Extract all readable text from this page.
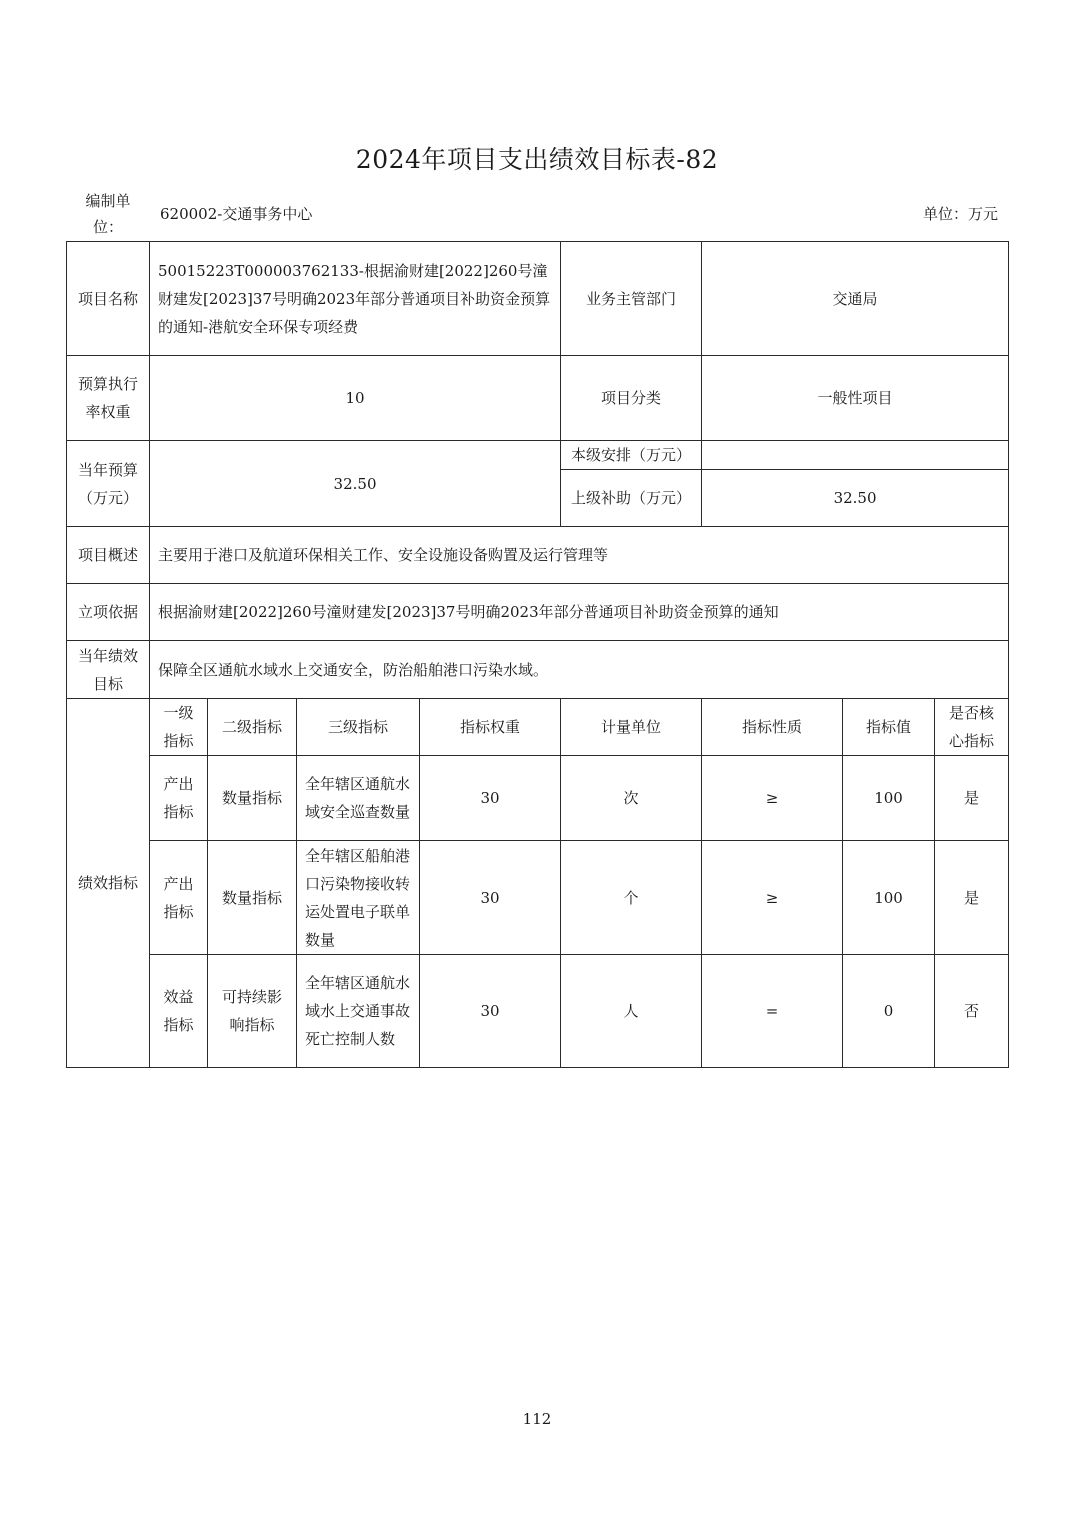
2024年项目支出绩效目标表-82
编制单位：
620002-交通事务中心	单位：万元
项目名称	50015223T000003762133-根据渝财建[2022]260号潼财建发[2023]37号明确2023年部分普通项目补助资金预算的通知-港航安全环保专项经费				业务主管部门	交通局		
预算执行率权重	10				项目分类	一般性项目		
当年预算（万元）	32.50				本级安排（万元）			
					上级补助（万元）	32.50		
项目概述	主要用于港口及航道环保相关工作、安全设施设备购置及运行管理等							
立项依据	根据渝财建[2022]260号潼财建发[2023]37号明确2023年部分普通项目补助资金预算的通知							
当年绩效目标	保障全区通航水域水上交通安全，防治船舶港口污染水域。							
绩效指标	一级指标	二级指标	三级指标	指标权重	计量单位	指标性质	指标值	是否核心指标
	产出指标	数量指标	全年辖区通航水域安全巡查数量	30	次	≥	100	是
	产出指标	数量指标	全年辖区船舶港口污染物接收转运处置电子联单数量	30	个	≥	100	是
	效益指标	可持续影响指标	全年辖区通航水域水上交通事故死亡控制人数	30	人	=	0	否
112
